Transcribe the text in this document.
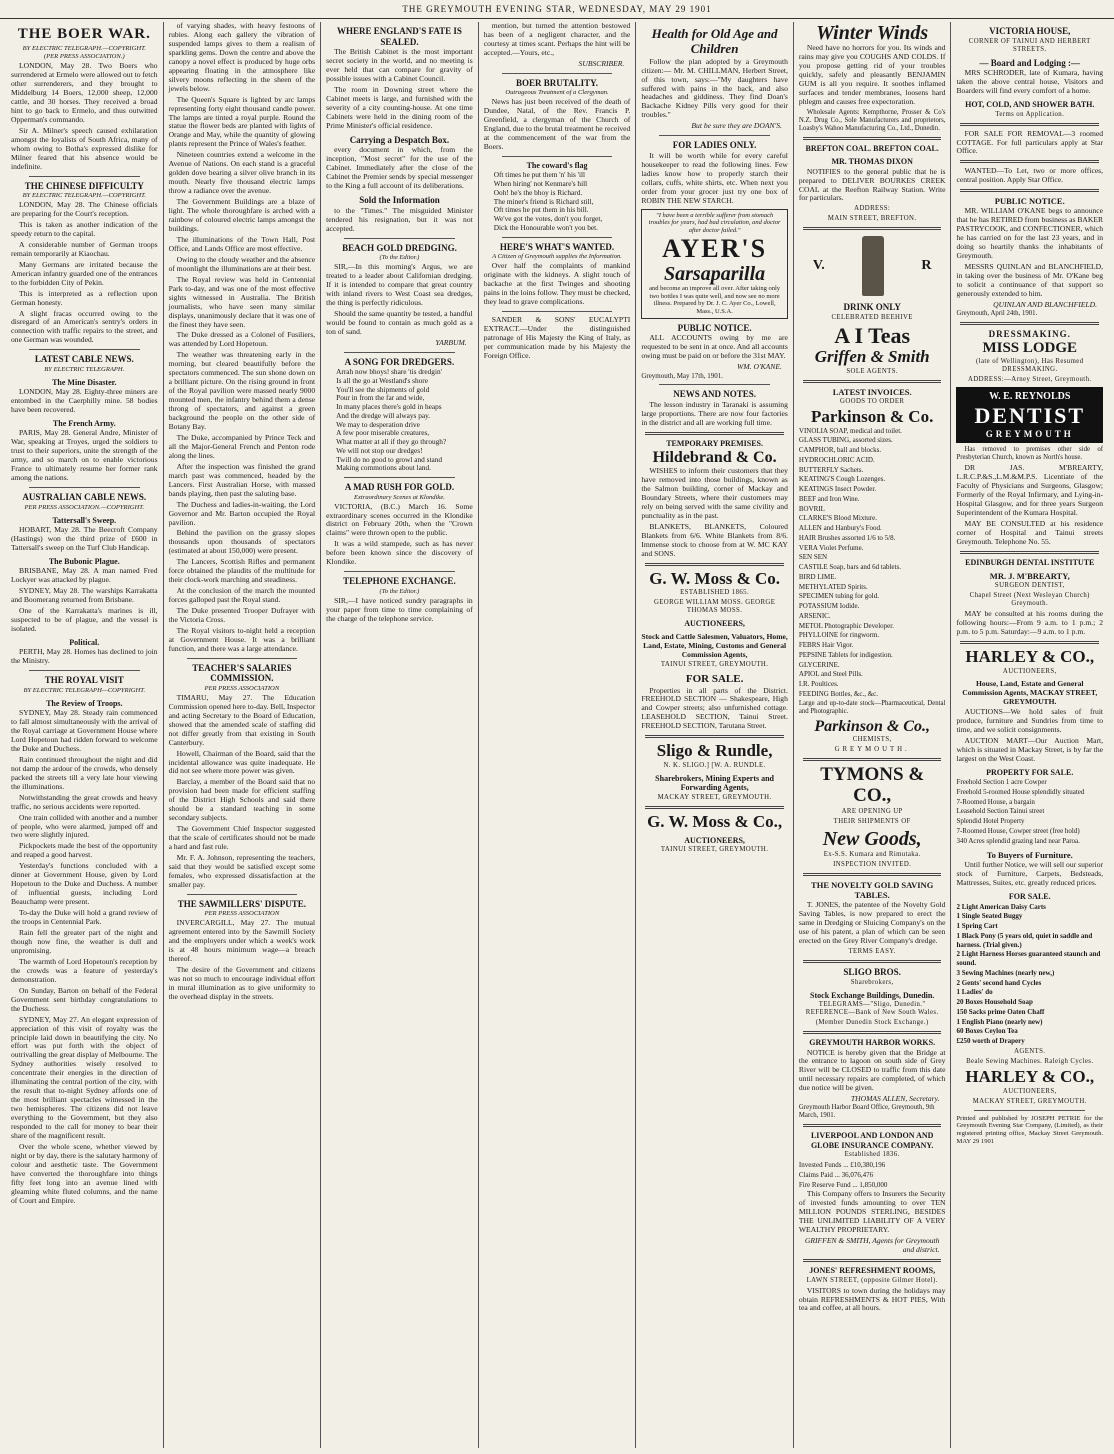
THE GREYMOUTH EVENING STAR, WEDNESDAY, MAY 29 1901
THE BOER WAR.
BY ELECTRIC TELEGRAPH.—COPYRIGHT.
(PER PRESS ASSOCIATION.)

LONDON, May 28. Two Boers who surrendered at Ermelo were allowed out to fetch other surrenderers, and they brought to Middelburg 14 Boers, 12,000 sheep, 12,000 cattle, and 30 horses. They received a broad hint to go back to Ermelo, and thus outwitted Opperman's commando.

Sir A. Milner's speech caused exhilaration amongst the loyalists of South Africa, many of whom owing to Botha's expressed dislike for Milner feared that his absence would be indefinite.

THE CHINESE DIFFICULTY
BY ELECTRIC TELEGRAPH.—COPYRIGHT.

LONDON, May 28. The Chinese officials are preparing for the Court's reception.

This is taken as another indication of the speedy return to the capital.

A considerable number of German troops remain temporarily at Kiaochau.

Many Germans are irritated because the American infantry guarded one of the entrances to the forbidden City of Pekin.

This is interpreted as a reflection upon German honesty.

A slight fracas occurred owing to the disregard of an American's sentry's orders in connection with traffic repairs to the street, and one German was wounded.

LATEST CABLE NEWS.
BY ELECTRIC TELEGRAPH.
The Mine Disaster.

LONDON, May 28. Eighty-three miners are entombed in the Caerphilly mine. 58 bodies have been recovered.

The French Army.

PARIS, May 28. General Andre, Minister of War, speaking at Troyes, urged the soldiers to trust to their superiors, unite the strength of the army, and so march on to enable victorious France to ultimately resume her former rank among the nations.

AUSTRALIAN CABLE NEWS.
PER PRESS ASSOCIATION.—COPYRIGHT.
Tattersall's Sweep.

HOBART, May 28. The Beecroft Company (Hastings) won the third prize of £600 in Tattersall's sweep on the Turf Club Handicap.

The Bubonic Plague.

BRISBANE, May 28. A man named Fred Lockyer was attacked by plague.

SYDNEY, May 28. The warships Karrakatta and Boomerang returned from Brisbane.

One of the Karrakatta's marines is ill, suspected to be of plague, and the vessel is isolated.

Political.

PERTH, May 28. Homes has declined to join the Ministry.

THE ROYAL VISIT
BY ELECTRIC TELEGRAPH—COPYRIGHT.
The Review of Troops.

SYDNEY, May 28. Steady rain commenced to fall almost simultaneously with the arrival of the Royal carriage at Government House where Lord Hopetoun had ridden forward to welcome the Duke and Duchess.

Rain continued throughout the night and did not damp the ardour of the crowds, who densely packed the streets till a very late hour viewing the illuminations.

Notwithstanding the great crowds and heavy traffic, no serious accidents were reported.

One train collided with another and a number of people, who were alarmed, jumped off and two were slightly injured.

Pickpockets made the best of the opportunity and reaped a good harvest.

Yesterday's functions concluded with a dinner at Government House, given by Lord Hopetoun to the Duke and Duchess. A number of influential guests, including Lord Beauchamp were present.

To-day the Duke will hold a grand review of the troops in Centennial Park.

Rain fell the greater part of the night and though now fine, the weather is dull and unpromising.

The warmth of Lord Hopetoun's reception by the crowds was a feature of yesterday's demonstration.

On Sunday, Barton on behalf of the Federal Government sent birthday congratulations to the Duchess.

SYDNEY, May 27. An elegant expression of appreciation of this visit of royalty was the principle laid down in beautifying the city. No effort was put forth with the object of outrivalling the great display of Melbourne. The Sydney authorities wisely resolved to concentrate their energies in the direction of illuminating the central portion of the city, with the result that to-night Sydney affords one of the most brilliant spectacles witnessed in the two hemispheres. The citizens did not leave everything to the Government, but they also responded to the call for money to bear their share of the magnificent result.

Over the whole scene, whether viewed by night or by day, there is the salutary harmony of colour and aesthetic taste. The Government have converted the thoroughfare into things fifty feet long into an avenue lined with gleaming white fluted columns, and the name of Court and Empire.

of varying shades, with heavy festoons of rubies. Along each gallery the vibration of suspended lamps gives to them a realism of sparkling gems. Down the centre and above the canopy a novel effect is produced by huge orbs appearing floating in the atmosphere like silvery moons reflecting in the sheen of the jewels below.

The Queen's Square is lighted by arc lamps representing forty eight thousand candle power. The lamps are tinted a royal purple. Round the statue the flower beds are planted with lights of Orange and May, while the quantity of glowing plants represent the Prince of Wales's feather.

Nineteen countries extend a welcome in the Avenue of Nations. On each stand is a graceful golden dove bearing a silver olive branch in its mouth. Nearly five thousand electric lamps throw a radiance over the avenue.

The Government Buildings are a blaze of light. The whole thoroughfare is arched with a rainbow of coloured electric lamps amongst the buildings.

The illuminations of the Town Hall, Post Office, and Lands Office are most effective.

Owing to the cloudy weather and the absence of moonlight the illuminations are at their best.

The Royal review was held in Centennial Park to-day, and was one of the most effective sights witnessed in Australia. The British journalists, who have seen many similar displays, unanimously declare that it was one of the finest they have seen.

The Duke dressed as a Colonel of Fusiliers, was attended by Lord Hopetoun.

The weather was threatening early in the morning, but cleared beautifully before the spectators commenced. The sun shone down on a brilliant picture. On the rising ground in front of the Royal pavilion were massed nearly 9000 mounted men, the infantry behind them a dense throng of spectators, and against a green background the people on the other side of Botany Bay.

The Duke, accompanied by Prince Teck and all the Major-General French and Penton rode along the lines.

After the inspection was finished the grand march past was commenced, headed by the Lancers. First Australian Horse, with massed bands playing, then past the saluting base.

The Duchess and ladies-in-waiting, the Lord Governor and Mr. Barton occupied the Royal pavilion.

Behind the pavilion on the grassy slopes thousands upon thousands of spectators (estimated at about 150,000) were present.

The Lancers, Scottish Rifles and permanent force obtained the plaudits of the multitude for their clock-work marching and steadiness.

At the conclusion of the march the mounted forces galloped past the Royal stand.

The Duke presented Trooper Dufrayer with the Victoria Cross.

The Royal visitors to-night held a reception at Government House. It was a brilliant function, and there was a large attendance.

TEACHER'S SALARIES COMMISSION.
PER PRESS ASSOCIATION

TIMARU, May 27. The Education Commission opened here to-day. Bell, Inspector and acting Secretary to the Board of Education, showed that the amended scale of staffing did not differ greatly from that existing in South Canterbury.

Howell, Chairman of the Board, said that the incidental allowance was quite inadequate. He did not see where more power was given.

Barclay, a member of the Board said that no provision had been made for efficient staffing of the District High Schools and said there should be a standard teaching in some secondary subjects.

The Government Chief Inspector suggested that the scale of certificates should not be made a hard and fast rule.

Mr. F. A. Johnson, representing the teachers, said that they would be satisfied except some females, who expressed dissatisfaction at the smaller pay.

THE SAWMILLERS' DISPUTE.
PER PRESS ASSOCIATION

INVERCARGILL, May 27. The mutual agreement entered into by the Sawmill Society and the employers under which a week's work is at 48 hours minimum wage—a breach thereof.

The desire of the Government and citizens was not so much to encourage individual effort in mural illumination as to give uniformity to the overhead display in the streets.

WHERE ENGLAND'S FATE IS SEALED.

The British Cabinet is the most important secret society in the world, and no meeting is ever held that can compare for gravity of possible issues with a Cabinet Council.

The room in Downing street where the Cabinet meets is large, and furnished with the severity of a city counting-house. At one time Cabinets were held in the dining room of the Prime Minister's official residence.

Carrying a Despatch Box.

every document in which, from the inception, "Most secret" for the use of the Cabinet. Immediately after the close of the Cabinet the Premier sends by special messenger to the King a full account of its deliberations.

Sold the Information

to the "Times." The misguided Minister tendered his resignation, but it was not accepted.

BEACH GOLD DREDGING.
(To the Editor.)

SIR,—In this morning's Argus, we are treated to a leader about Californian dredging. If it is intended to compare that great country with inland rivers to West Coast sea dredges, the thing is perfectly ridiculous.

Should the same quantity be tested, a handful would be found to contain as much gold as a ton of sand.

YARBUM.
A SONG FOR DREDGERS.
Arrah now bhoys! share 'tis dredgin'
Is all the go at Westland's shore
You'll see the shipments of gold
Pour in from the far and wide,
In many places there's gold in heaps
And the dredge will always pay.
We may to desperation drive
A few poor miserable creatures,
What matter at all if they go through?
We will not stop our dredges!
Twill do no good to growl and stand
Making commotions about land.
A MAD RUSH FOR GOLD.
Extraordinary Scenes at Klondike.

VICTORIA, (B.C.) March 16. Some extraordinary scenes occurred in the Klondike district on February 20th, when the "Crown claims" were thrown open to the public.

It was a wild stampede, such as has never before been known since the discovery of Klondike.

TELEPHONE EXCHANGE.
(To the Editor.)

SIR,—I have noticed sundry paragraphs in your paper from time to time complaining of the charge of the telephone service.

mention, but turned the attention bestowed has been of a negligent character, and the courtesy at times scant. Perhaps the hint will be accepted.—Yours, etc.,

SUBSCRIBER.
BOER BRUTALITY.
Outrageous Treatment of a Clergyman.

News has just been received of the death of Dundee, Natal, of the Rev. Francis P. Greenfield, a clergyman of the Church of England, due to the brutal treatment he received at the commencement of the war from the Boers.

The coward's flag
Oft times he put them 'n' his 'ill
When hiring' not Kenmare's hill
Ooh! he's the bhoy is Richard.
The miner's friend is Richard still,
Oft times he put them in his bill.
We've got the votes, don't you forget,
Dick the Honourable won't you bet.
HERE'S WHAT'S WANTED.
A Citizen of Greymouth supplies the Information.

Over half the complaints of mankind originate with the kidneys. A slight touch of backache at the first Twinges and shooting pains in the loins follow. They must be checked, they lead to grave complications.

SANDER & SONS' EUCALYPTI EXTRACT.—Under the distinguished patronage of His Majesty the King of Italy, as per communication made by his Majesty the Foreign Office.

Health for Old Age and Children

Follow the plan adopted by a Greymouth citizen:— Mr. M. CHILLMAN, Herbert Street, of this town, says:—"My daughters have suffered with pains in the back, and also headaches and giddiness. They find Doan's Backache Kidney Pills very good for their troubles."

But be sure they are DOAN'S.
FOR LADIES ONLY.

It will be worth while for every careful housekeeper to read the following lines. Few ladies know how to properly starch their collars, cuffs, white shirts, etc. When next you order from your grocer just try one box of ROBIN THE NEW STARCH.

"I have been a terrible sufferer from stomach troubles for years, had bad circulation, and doctor after doctor failed."
AYER'S
Sarsaparilla
and become an improve all over. After taking only two bottles I was quite well, and now see no more illness. Prepared by Dr. J. C. Ayer Co., Lowell, Mass., U.S.A.
PUBLIC NOTICE.

ALL ACCOUNTS owing by me are requested to be sent in at once. And all accounts owing must be paid on or before the 31st MAY.

WM. O'KANE.
Greymouth, May 17th, 1901.
NEWS AND NOTES.

The lesson industry in Taranaki is assuming large proportions. There are now four factories in the district and all are working full time.

TEMPORARY PREMISES.
Hildebrand & Co.

WISHES to inform their customers that they have removed into those buildings, known as the Salmon building, corner of Mackay and Boundary Streets, where their customers may rely on being served with the same civility and punctuality as in the past.

BLANKETS, BLANKETS, Coloured Blankets from 6/6. White Blankets from 8/6. Immense stock to choose from at W. MC KAY and SONS.

G. W. Moss & Co.
ESTABLISHED 1865.
GEORGE WILLIAM MOSS. GEORGE THOMAS MOSS.
AUCTIONEERS,
Stock and Cattle Salesmen, Valuators, Home, Land, Estate, Mining, Customs and General Commission Agents,
TAINUI STREET, GREYMOUTH.
FOR SALE.

Properties in all parts of the District. FREEHOLD SECTION — Shakespeare, High and Cowper streets; also unfurnished cottage. LEASEHOLD SECTION, Tainui Street. FREEHOLD SECTION, Tarutana Street.

Sligo & Rundle,
N. K. SLIGO.] [W. A. RUNDLE.
Sharebrokers, Mining Experts and Forwarding Agents,
MACKAY STREET, GREYMOUTH.
G. W. Moss & Co.,
AUCTIONEERS,
TAINUI STREET, GREYMOUTH.
Winter Winds

Need have no horrors for you. Its winds and rains may give you COUGHS AND COLDS. If you propose getting rid of your troubles quickly, safely and pleasantly BENJAMIN GUM is all you require. It soothes inflamed surfaces and tender membranes, loosens hard phlegm and causes free expectoration.

Wholesale Agents: Kempthorne, Prosser & Co's N.Z. Drug Co., Sole Manufacturers and proprietors, Loasby's Wahoo Manufacturing Co., Ltd., Dunedin.

BREFTON COAL. BREFTON COAL.
MR. THOMAS DIXON

NOTIFIES to the general public that he is prepared to DELIVER BOURKES CREEK COAL at the Reefton Railway Station. Write for particulars.

ADDRESS:
MAIN STREET, BREFTON.
V.	R
DRINK ONLY
CELEBRATED BEEHIVE
A I Teas
Griffen & Smith
SOLE AGENTS.
LATEST INVOICES.
GOODS TO ORDER
Parkinson & Co.
VINOLIA SOAP, medical and toilet.
GLASS TUBING, assorted sizes.
CAMPHOR, ball and blocks.
HYDROCHLORIC ACID.
BUTTERFLY Sachets.
KEATING'S Cough Lozenges.
KEATINGS Insect Powder.
BEEF and Iron Wine.
BOVRIL
CLARKE'S Blood Mixture.
ALLEN and Hanbury's Food.
HAIR Brushes assorted 1/6 to 5/8.
VERA Violet Perfume.
SEN SEN
CASTILE Soap, bars and 6d tablets.
BIRD LIME.
METHYLATED Spirits.
SPECIMEN tubing for gold.
POTASSIUM Iodide.
ARSENIC.
METOL Photographic Developer.
PHYLLOINE for ringworm.
FEBRS Hair Vigor.
PEPSINE Tablets for indigestion.
GLYCERINE.
APIOL and Steel Pills.
I.R. Poultices.
FEEDING Bottles, &c., &c.

Large and up-to-date stock—Pharmaceutical, Dental and Photographic.

Parkinson & Co.,
CHEMISTS,
GREYMOUTH.
TYMONS & CO.,
ARE OPENING UP
THEIR SHIPMENTS OF
New Goods,
Ex-S.S. Kumara and Rimutaka.
INSPECTION INVITED.
THE NOVELTY GOLD SAVING TABLES.

T. JONES, the patentee of the Novelty Gold Saving Tables, is now prepared to erect the same in Dredging or Sluicing Company's on the use of his patent, a plan of which can be seen erected on the Grey River Company's dredge.

TERMS EASY.
SLIGO BROS.
Sharebrokers,
Stock Exchange Buildings, Dunedin.
TELEGRAMS—"Sligo, Dunedin." REFERENCE—Bank of New South Wales.
(Member Dunedin Stock Exchange.)
GREYMOUTH HARBOR WORKS.

NOTICE is hereby given that the Bridge at the entrance to lagoon on south side of Grey River will be CLOSED to traffic from this date until necessary repairs are completed, of which due notice will be given.

THOMAS ALLEN, Secretary.
Greymouth Harbor Board Office, Greymouth, 9th March, 1901.
LIVERPOOL AND LONDON AND GLOBE INSURANCE COMPANY.
Established 1836.
Invested Funds ... £10,380,196
Claims Paid ... 36,076,476
Fire Reserve Fund ... 1,850,000

This Company offers to Insurers the Security of invested funds amounting to over TEN MILLION POUNDS STERLING, BESIDES THE UNLIMITED LIABILITY OF A VERY WEALTHY PROPRIETARY.

GRIFFEN & SMITH, Agents for Greymouth and district.
JONES' REFRESHMENT ROOMS,
LAWN STREET, (opposite Gilmer Hotel).

VISITORS to town during the holidays may obtain REFRESHMENTS & HOT PIES, With tea and coffee, at all hours.

VICTORIA HOUSE,
CORNER OF TAINUI AND HERBERT STREETS.
— Board and Lodging :—

MRS SCHRODER, late of Kumara, having taken the above central house, Visitors and Boarders will find every comfort of a home.

HOT, COLD, AND SHOWER BATH.
Terms on Application.

FOR SALE FOR REMOVAL—3 roomed COTTAGE. For full particulars apply at Star Office.

WANTED—To Let, two or more offices, central position. Apply Star Office.

PUBLIC NOTICE.

MR. WILLIAM O'KANE begs to announce that he has RETIRED from business as BAKER PASTRYCOOK, and CONFECTIONER, which he has carried on for the last 23 years, and in doing so heartily thanks the inhabitants of Greymouth.

MESSRS QUINLAN and BLANCHFIELD, in taking over the business of Mr. O'Kane beg to solicit a continuance of that support so generously extended to him.

QUINLAN AND BLANCHFIELD.
Greymouth, April 24th, 1901.
DRESSMAKING.
MISS LODGE
(late of Wellington), Has Resumed DRESSMAKING.
ADDRESS:—Arney Street, Greymouth.
W. E. REYNOLDS
DENTIST
GREYMOUTH

Has removed to premises other side of Presbyterian Church, known as North's house.

DR JAS. M'BREARTY, L.R.C.P.&S.,L.M.&M.P.S. Licentiate of the Faculty of Physicians and Surgeons, Glasgow; Formerly of the Royal Infirmary, and Lying-in-Hospital Glasgow, and for three years Surgeon Superintendent of the Kumara Hospital.

MAY BE CONSULTED at his residence corner of Hospital and Tainui streets Greymouth. Telephone No. 55.

EDINBURGH DENTAL INSTITUTE
MR. J. M'BREARTY,
SURGEON DENTIST,
Chapel Street (Next Wesleyan Church) Greymouth.

MAY be consulted at his rooms during the following hours:—From 9 a.m. to 1 p.m.; 2 p.m. to 5 p.m. Saturday:—9 a.m. to 1 p.m.

HARLEY & CO.,
AUCTIONEERS,
House, Land, Estate and General Commission Agents, MACKAY STREET, GREYMOUTH.

AUCTIONS—We hold sales of fruit produce, furniture and Sundries from time to time, and we solicit consignments.

AUCTION MART—Our Auction Mart, which is situated in Mackay Street, is by far the largest on the West Coast.

PROPERTY FOR SALE.
Freehold Section 1 acre Cowper
Freehold 5-roomed House splendidly situated
7-Roomed House, a bargain
Leasehold Section Tainui street
Splendid Hotel Property
7-Roomed House, Cowper street (free hold)
340 Acres splendid grazing land near Paroa.
To Buyers of Furniture.

Until further Notice, we will sell our superior stock of Furniture, Carpets, Bedsteads, Mattresses, Suites, etc. greatly reduced prices.

FOR SALE.
2 Light American Daisy Carts
1 Single Seated Buggy
1 Spring Cart
1 Black Pony (5 years old, quiet in saddle and harness. (Trial given.)
2 Light Harness Horses guaranteed staunch and sound.
3 Sewing Machines (nearly new,)
2 Gents' second hand Cycles
1 Ladies' do
20 Boxes Household Soap
150 Sacks prime Oaten Chaff
1 English Piano (nearly new)
60 Boxes Ceylon Tea
£250 worth of Drapery
AGENTS.
Beale Sewing Machines. Raleigh Cycles.
HARLEY & CO.,
AUCTIONEERS,
MACKAY STREET, GREYMOUTH.

Printed and published by JOSEPH PETRIE for the Greymouth Evening Star Company, (Limited), as their registered printing office, Mackay Street Greymouth. MAY 29 1901
